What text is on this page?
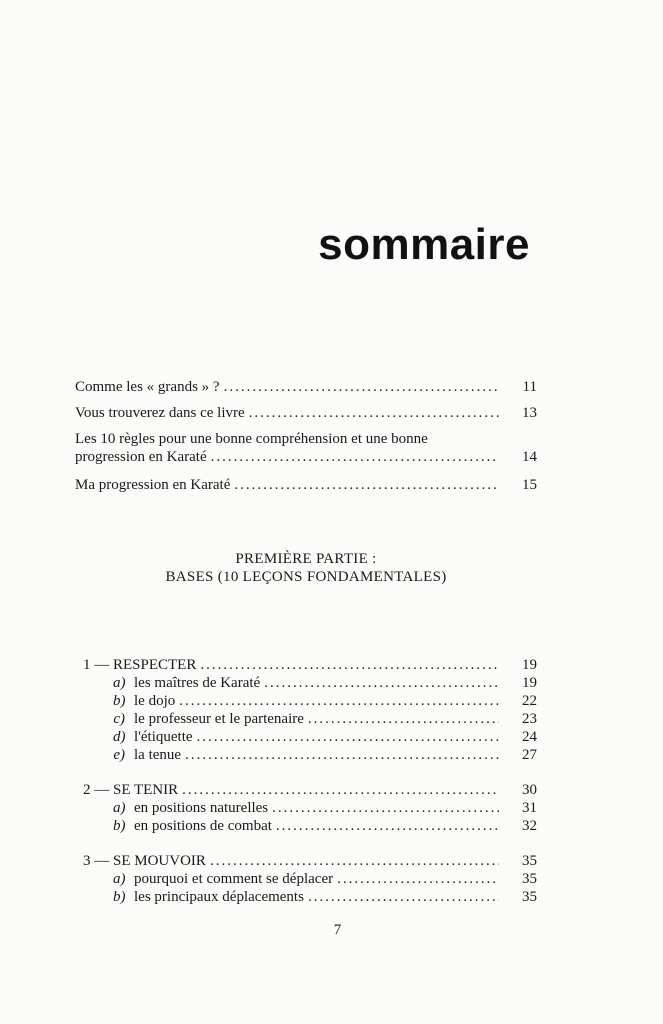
sommaire
Comme les « grands » ? .....	11
Vous trouverez dans ce livre .....	13
Les 10 règles pour une bonne compréhension et une bonne
progression en Karaté .....	14
Ma progression en Karaté .....	15
PREMIÈRE PARTIE :
BASES (10 LEÇONS FONDAMENTALES)
1 — RESPECTER .....	19
a) les maîtres de Karaté .....	19
b) le dojo .....	22
c) le professeur et le partenaire .....	23
d) l'étiquette .....	24
e) la tenue .....	27
2 — SE TENIR .....	30
a) en positions naturelles .....	31
b) en positions de combat .....	32
3 — SE MOUVOIR .....	35
a) pourquoi et comment se déplacer .....	35
b) les principaux déplacements .....	35
7
